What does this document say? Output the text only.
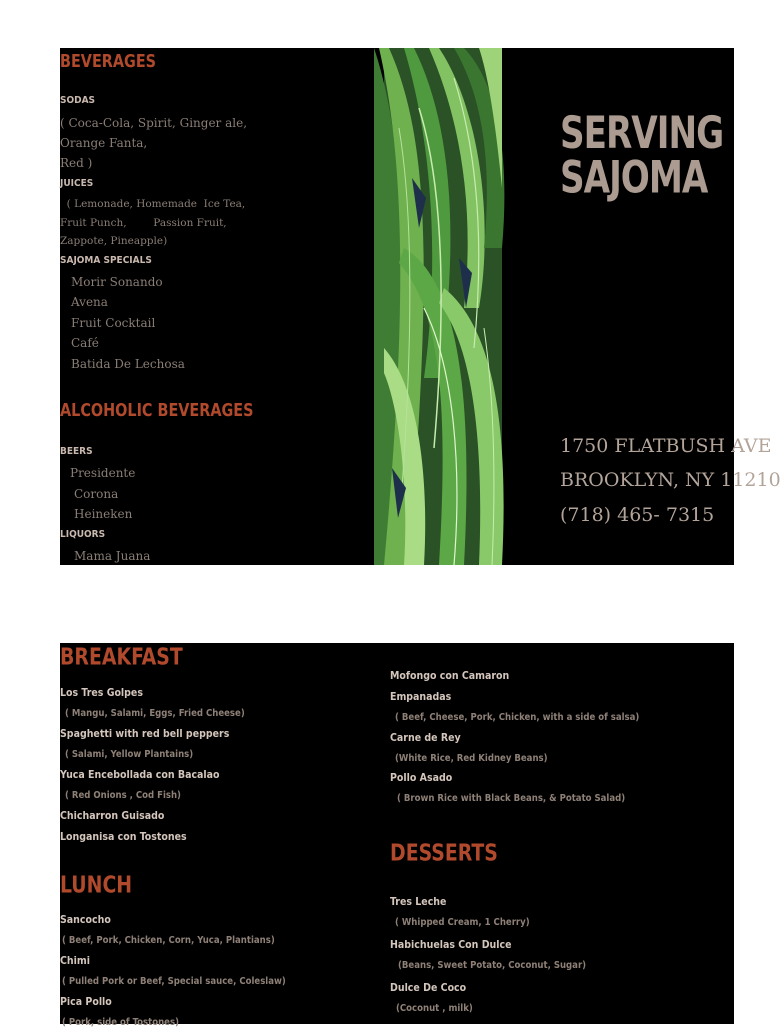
BEVERAGES

SODAS

( Coca-Cola, Spirit, Ginger ale,

Orange Fanta,

Red )

JUICES

( Lemonade, Homemade  Ice Tea,

Fruit Punch,        Passion Fruit,

Zappote, Pineapple)

SAJOMA SPECIALS

Morir Sonando

Avena

Fruit Cocktail

Café

Batida De Lechosa

ALCOHOLIC BEVERAGES

BEERS

Presidente

Corona

Heineken

LIQUORS

Mama Juana

SERVING
SAJOMA

1750 FLATBUSH AVE

BROOKLYN, NY 11210

(718) 465- 7315

BREAKFAST

Los Tres Golpes

( Mangu, Salami, Eggs, Fried Cheese)

Spaghetti with red bell peppers

( Salami, Yellow Plantains)

Yuca Encebollada con Bacalao

( Red Onions , Cod Fish)

Chicharron Guisado

Longanisa con Tostones

LUNCH

Sancocho

( Beef, Pork, Chicken, Corn, Yuca, Plantians)

Chimi

( Pulled Pork or Beef, Special sauce, Coleslaw)

Pica Pollo

( Pork, side of Tostones)

Mofongo con Camaron

Empanadas

( Beef, Cheese, Pork, Chicken, with a side of salsa)

Carne de Rey

(White Rice, Red Kidney Beans)

Pollo Asado

( Brown Rice with Black Beans, & Potato Salad)

DESSERTS

Tres Leche

( Whipped Cream, 1 Cherry)

Habichuelas Con Dulce

(Beans, Sweet Potato, Coconut, Sugar)

Dulce De Coco

(Coconut , milk)
